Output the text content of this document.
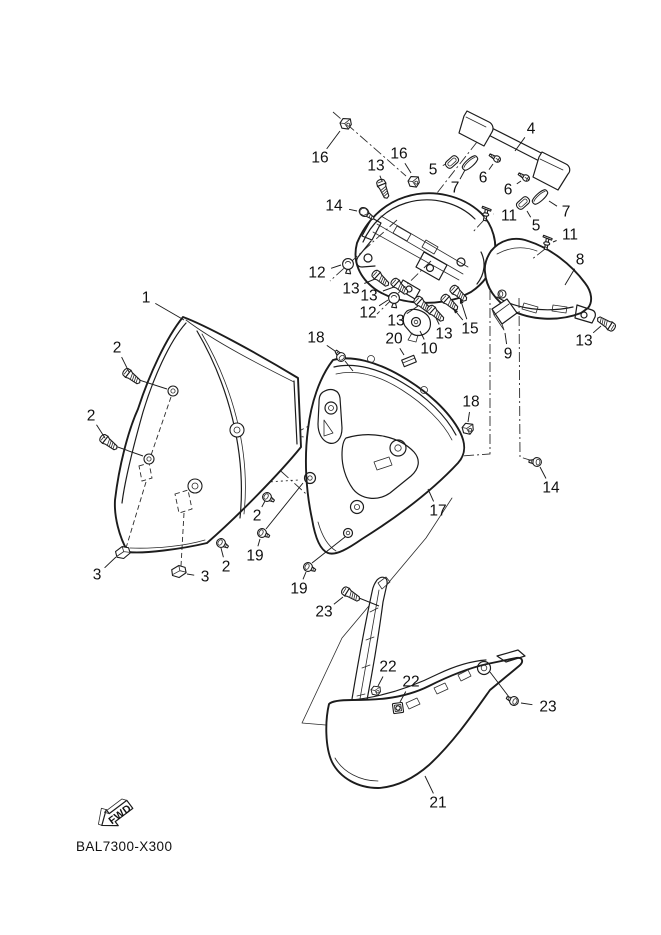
1
2
2
2
2
3	3
4
5
5
6
6
7
7
8
9
10
11
11
12
12
13
13 13
13
13	13
14
14
15
16	16
17
18
18
19
19
20
21
22
22
23
23
FWD
BAL7300-X300
